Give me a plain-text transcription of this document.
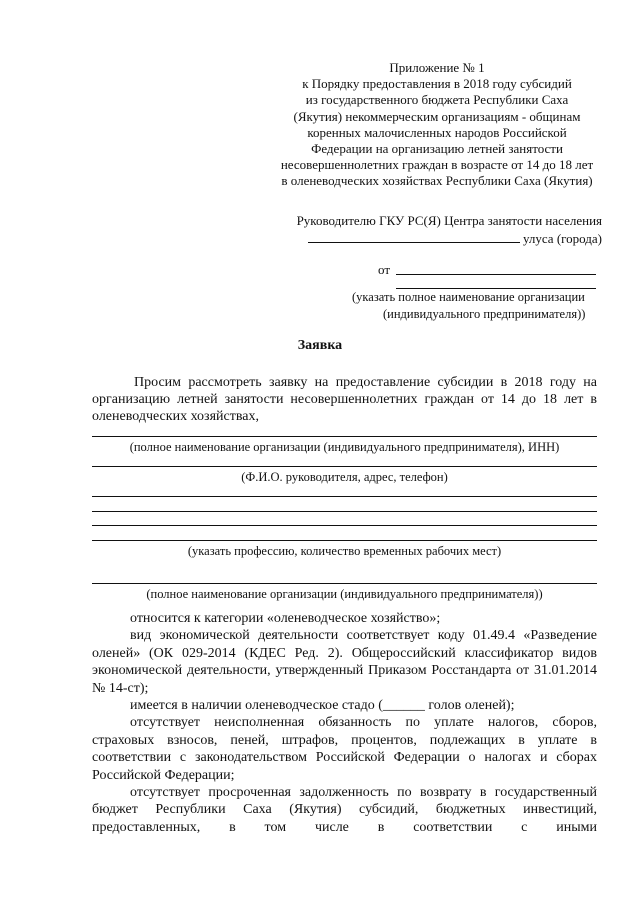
Приложение № 1
к Порядку предоставления в 2018 году субсидий
из государственного бюджета Республики Саха
(Якутия) некоммерческим организациям - общинам
коренных малочисленных народов Российской
Федерации на организацию летней занятости
несовершеннолетних граждан в возрасте от 14 до 18 лет
в оленеводческих хозяйствах Республики Саха (Якутия)
Руководителю ГКУ РС(Я) Центра занятости населения
улуса (города)
от
(указать полное наименование организации
(индивидуального предпринимателя))
Заявка
Просим рассмотреть заявку на предоставление субсидии в 2018 году на организацию летней занятости несовершеннолетних граждан от 14 до 18 лет в оленеводческих хозяйствах,
(полное наименование организации (индивидуального предпринимателя), ИНН)
(Ф.И.О. руководителя, адрес, телефон)
(указать профессию, количество временных рабочих мест)
(полное наименование организации (индивидуального предпринимателя))

относится к категории «оленеводческое хозяйство»;

вид экономической деятельности соответствует коду 01.49.4 «Разведение оленей» (ОК 029-2014 (КДЕС Ред. 2). Общероссийский классификатор видов экономической деятельности, утвержденный Приказом Росстандарта от 31.01.2014 № 14-ст);

имеется в наличии оленеводческое стадо (______ голов оленей);

отсутствует неисполненная обязанность по уплате налогов, сборов, страховых взносов, пеней, штрафов, процентов, подлежащих в уплате в соответствии с законодательством Российской Федерации о налогах и сборах Российской Федерации;

отсутствует просроченная задолженность по возврату в государственный бюджет Республики Саха (Якутия) субсидий, бюджетных инвестиций, предоставленных, в том числе в соответствии с иными
